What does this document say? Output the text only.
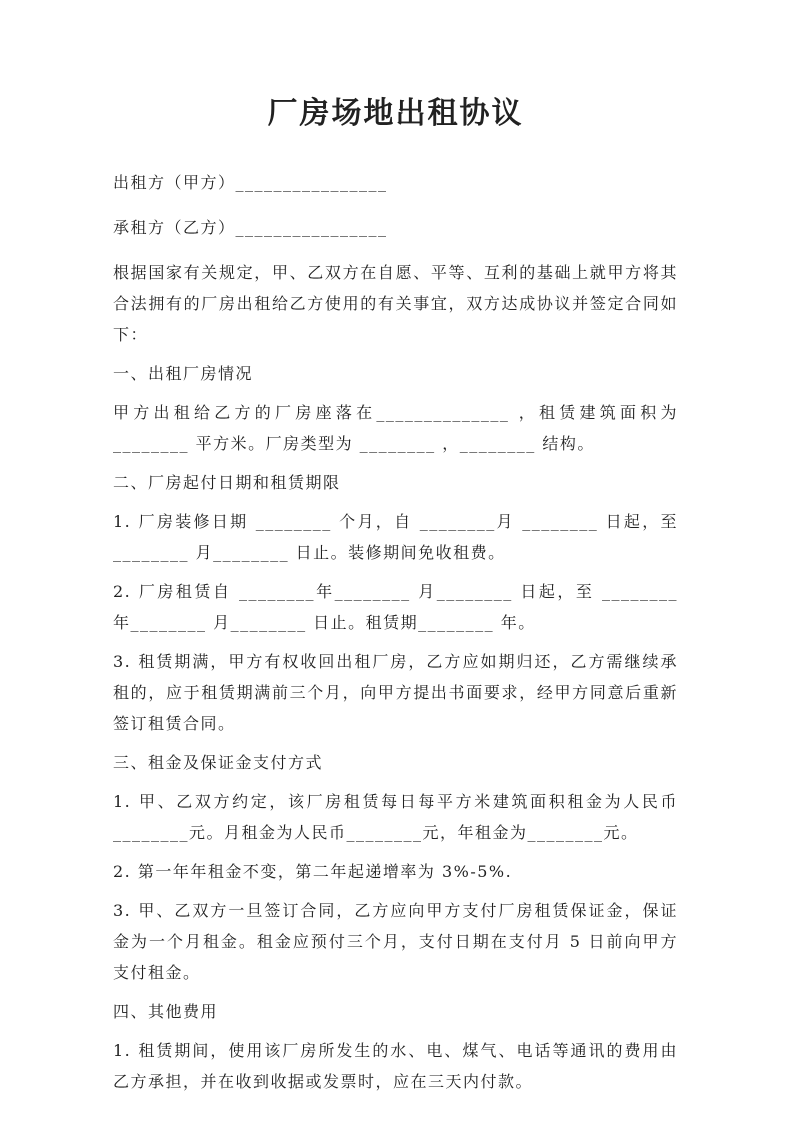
厂房场地出租协议

出租方（甲方）________________

承租方（乙方）________________

根据国家有关规定，甲、乙双方在自愿、平等、互利的基础上就甲方将其合法拥有的厂房出租给乙方使用的有关事宜，双方达成协议并签定合同如下：

一、出租厂房情况

甲方出租给乙方的厂房座落在______________ ，租赁建筑面积为 ________ 平方米。厂房类型为 ________ ，________ 结构。

二、厂房起付日期和租赁期限

1. 厂房装修日期 ________ 个月，自 ________月 ________ 日起，至 ________ 月________ 日止。装修期间免收租费。

2. 厂房租赁自 ________年________ 月________ 日起，至 ________ 年________ 月________ 日止。租赁期________ 年。

3. 租赁期满，甲方有权收回出租厂房，乙方应如期归还，乙方需继续承租的，应于租赁期满前三个月，向甲方提出书面要求，经甲方同意后重新签订租赁合同。

三、租金及保证金支付方式

1. 甲、乙双方约定，该厂房租赁每日每平方米建筑面积租金为人民币 ________元。月租金为人民币________元，年租金为________元。

2. 第一年年租金不变，第二年起递增率为 3%-5%.

3. 甲、乙双方一旦签订合同，乙方应向甲方支付厂房租赁保证金，保证金为一个月租金。租金应预付三个月，支付日期在支付月 5 日前向甲方支付租金。

四、其他费用

1. 租赁期间，使用该厂房所发生的水、电、煤气、电话等通讯的费用由乙方承担，并在收到收据或发票时，应在三天内付款。
